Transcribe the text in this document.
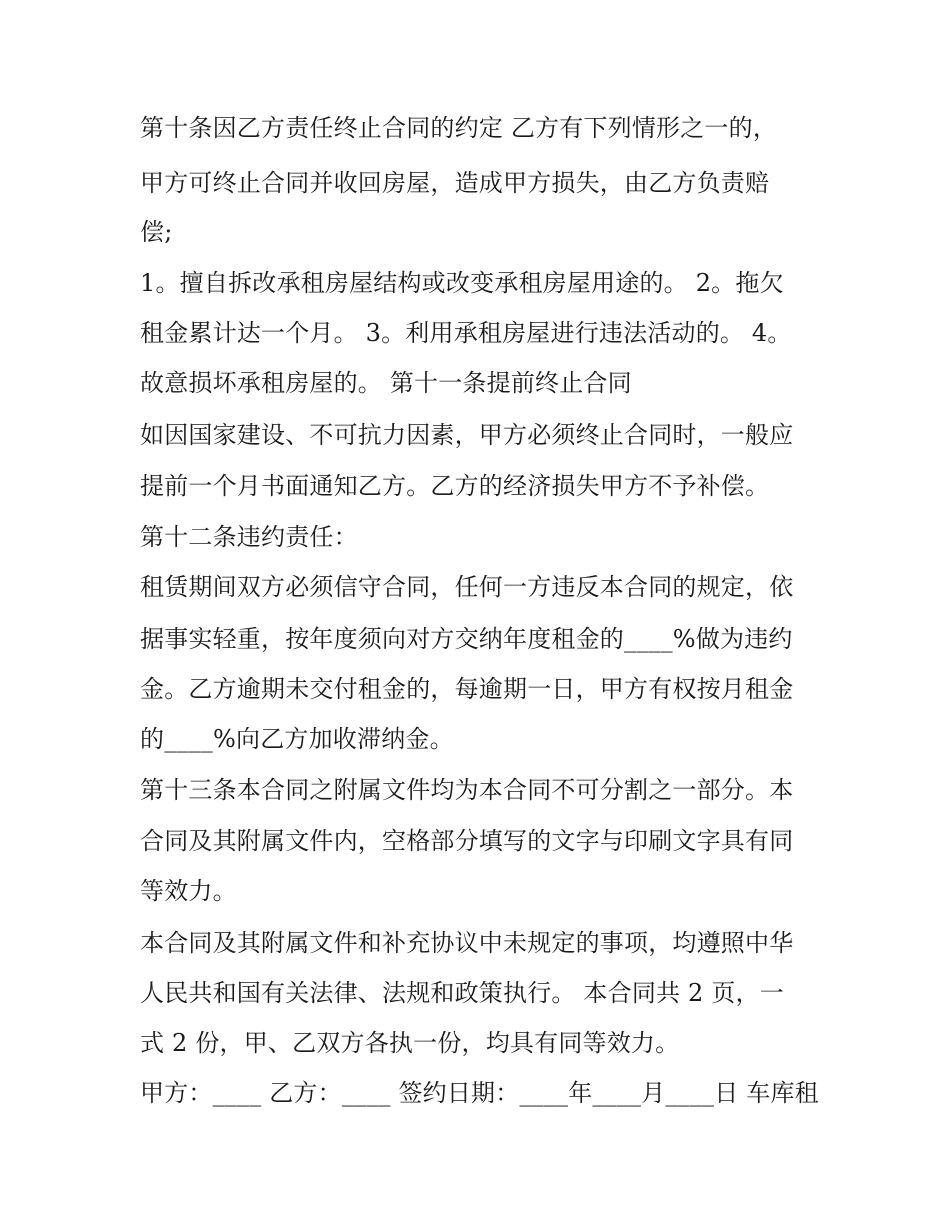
第十条因乙方责任终止合同的约定 乙方有下列情形之一的，
甲方可终止合同并收回房屋，造成甲方损失，由乙方负责赔
偿;
1。擅自拆改承租房屋结构或改变承租房屋用途的。 2。拖欠
租金累计达一个月。 3。利用承租房屋进行违法活动的。 4。
故意损坏承租房屋的。 第十一条提前终止合同
如因国家建设、不可抗力因素，甲方必须终止合同时，一般应
提前一个月书面通知乙方。乙方的经济损失甲方不予补偿。
第十二条违约责任：
租赁期间双方必须信守合同，任何一方违反本合同的规定，依
据事实轻重，按年度须向对方交纳年度租金的____%做为违约
金。乙方逾期未交付租金的，每逾期一日，甲方有权按月租金
的____%向乙方加收滞纳金。
第十三条本合同之附属文件均为本合同不可分割之一部分。本
合同及其附属文件内，空格部分填写的文字与印刷文字具有同
等效力。
本合同及其附属文件和补充协议中未规定的事项，均遵照中华
人民共和国有关法律、法规和政策执行。 本合同共 2 页，一
式 2 份，甲、乙双方各执一份，均具有同等效力。
甲方：____ 乙方：____ 签约日期：____年____月____日 车库租
